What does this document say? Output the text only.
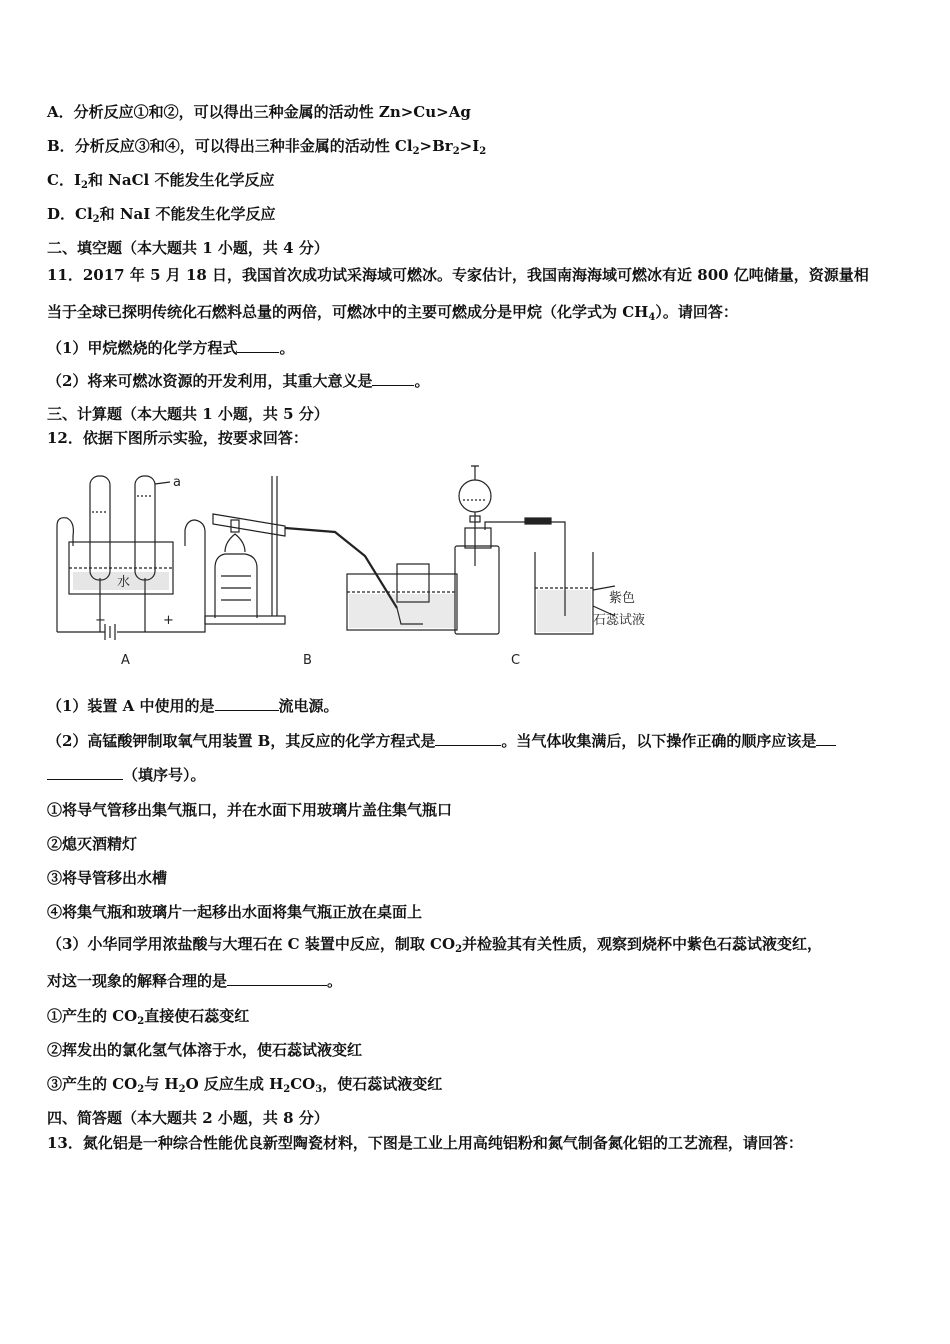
A．分析反应①和②，可以得出三种金属的活动性 Zn>Cu>Ag
B．分析反应③和④，可以得出三种非金属的活动性 $Cl_2>Br_2>I_2$
C．$I_2$和 NaCl 不能发生化学反应
D．$Cl_2$和 NaI 不能发生化学反应
二、填空题（本大题共 1 小题，共 4 分）
11．2017 年 5 月 18 日，我国首次成功试采海域可燃冰。专家估计，我国南海海域可燃冰有近 800 亿吨储量，资源量相
当于全球已探明传统化石燃料总量的两倍，可燃冰中的主要可燃成分是甲烷（化学式为 $CH_4$）。请回答：
（1）甲烷燃烧的化学方程式	。
（2）将来可燃冰资源的开发利用，其重大意义是	。
三、计算题（本大题共 1 小题，共 5 分）
12．依据下图所示实验，按要求回答：
a
水
−	+
紫色
石蕊试液
A	B	C
（1）装置 A 中使用的是	流电源。
（2）高锰酸钾制取氧气用装置 B，其反应的化学方程式是	。当气体收集满后，以下操作正确的顺序应该是
（填序号）。
①将导气管移出集气瓶口，并在水面下用玻璃片盖住集气瓶口
②熄灭酒精灯
③将导管移出水槽
④将集气瓶和玻璃片一起移出水面将集气瓶正放在桌面上
（3）小华同学用浓盐酸与大理石在 C 装置中反应，制取 $CO_2$并检验其有关性质，观察到烧杯中紫色石蕊试液变红，
对这一现象的解释合理的是	。
①产生的 $CO_2$直接使石蕊变红
②挥发出的氯化氢气体溶于水，使石蕊试液变红
③产生的 $CO_2$与 $H_2O$ 反应生成 $H_2CO_3$，使石蕊试液变红
四、简答题（本大题共 2 小题，共 8 分）
13．氮化铝是一种综合性能优良新型陶瓷材料，下图是工业上用高纯铝粉和氮气制备氮化铝的工艺流程，请回答：
